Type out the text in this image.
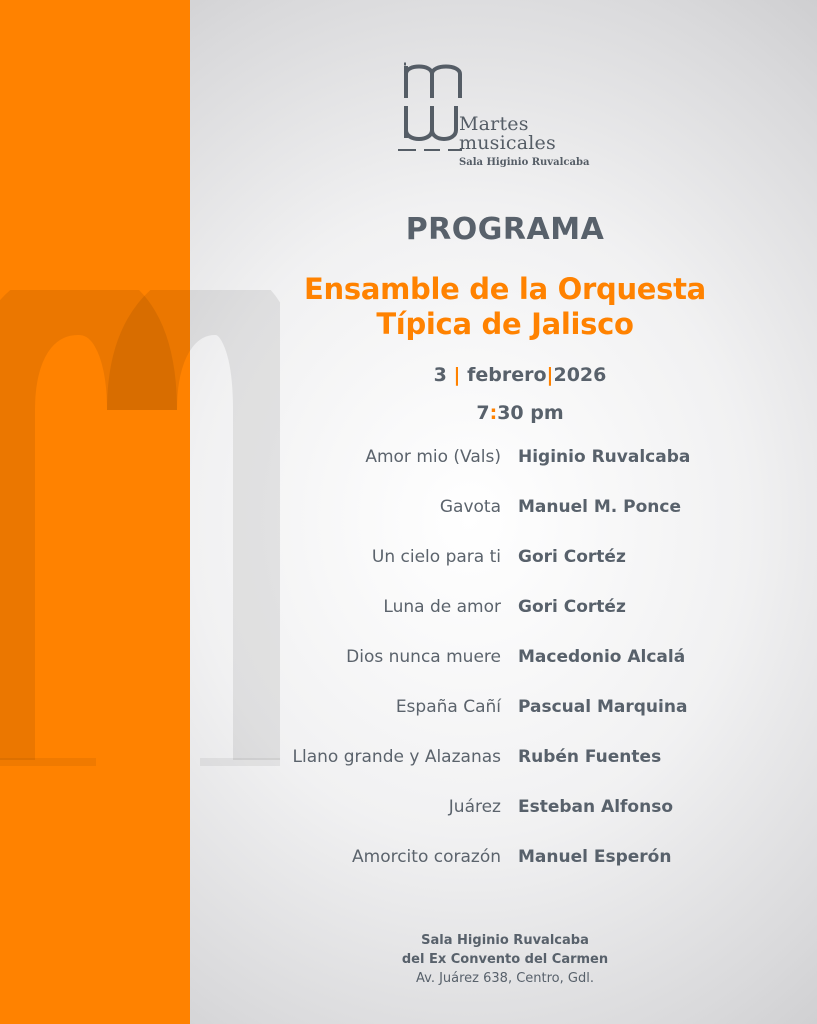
Martes
musicales
Sala Higinio Ruvalcaba
PROGRAMA
Ensamble de la Orquesta
Típica de Jalisco
3 | febrero|2026
7:30 pm
Amor mio (Vals) Higinio Ruvalcaba
Gavota Manuel M. Ponce
Un cielo para ti Gori Cortéz
Luna de amor Gori Cortéz
Dios nunca muere Macedonio Alcalá
España Cañí Pascual Marquina
Llano grande y Alazanas Rubén Fuentes
Juárez Esteban Alfonso
Amorcito corazón Manuel Esperón
Sala Higinio Ruvalcaba
del Ex Convento del Carmen
Av. Juárez 638, Centro, Gdl.
